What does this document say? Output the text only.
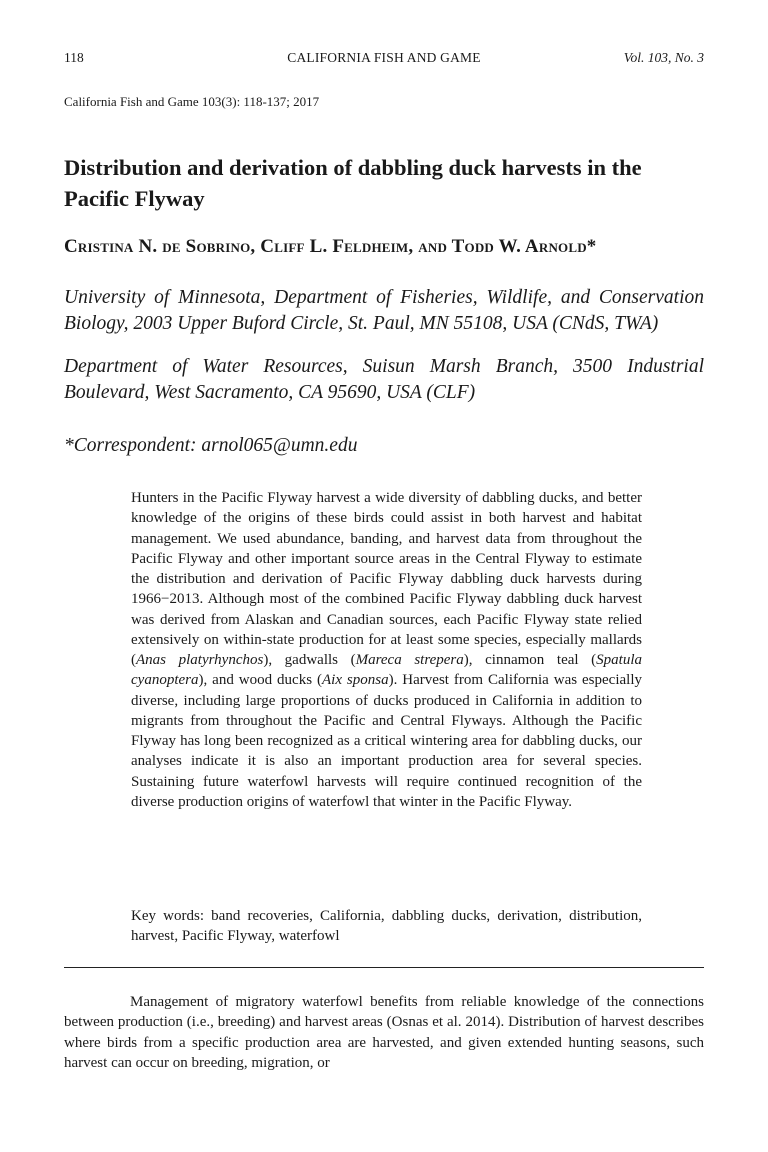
118	CALIFORNIA FISH AND GAME	Vol. 103, No. 3
California Fish and Game 103(3): 118-137; 2017
Distribution and derivation of dabbling duck harvests in the Pacific Flyway
Cristina N. de Sobrino, Cliff L. Feldheim, and Todd W. Arnold*
University of Minnesota, Department of Fisheries, Wildlife, and Conservation Biology, 2003 Upper Buford Circle, St. Paul, MN 55108, USA (CNdS, TWA)
Department of Water Resources, Suisun Marsh Branch, 3500 Industrial Boulevard, West Sacramento, CA 95690, USA (CLF)
*Correspondent: arnol065@umn.edu

Hunters in the Pacific Flyway harvest a wide diversity of dabbling ducks, and better knowledge of the origins of these birds could assist in both harvest and habitat management. We used abundance, banding, and harvest data from throughout the Pacific Flyway and other important source areas in the Central Flyway to estimate the distribution and derivation of Pacific Flyway dabbling duck harvests during 1966−2013. Although most of the combined Pacific Flyway dabbling duck harvest was derived from Alaskan and Canadian sources, each Pacific Flyway state relied extensively on within-state production for at least some species, especially mallards (Anas platyrhynchos), gadwalls (Mareca strepera), cinnamon teal (Spatula cyanoptera), and wood ducks (Aix sponsa). Harvest from California was especially diverse, including large proportions of ducks produced in California in addition to migrants from throughout the Pacific and Central Flyways. Although the Pacific Flyway has long been recognized as a critical wintering area for dabbling ducks, our analyses indicate it is also an important production area for several species. Sustaining future waterfowl harvests will require continued recognition of the diverse production origins of waterfowl that winter in the Pacific Flyway.

Key words: band recoveries, California, dabbling ducks, derivation, distribution, harvest, Pacific Flyway, waterfowl

Management of migratory waterfowl benefits from reliable knowledge of the connections between production (i.e., breeding) and harvest areas (Osnas et al. 2014). Distribution of harvest describes where birds from a specific production area are harvested, and given extended hunting seasons, such harvest can occur on breeding, migration, or
